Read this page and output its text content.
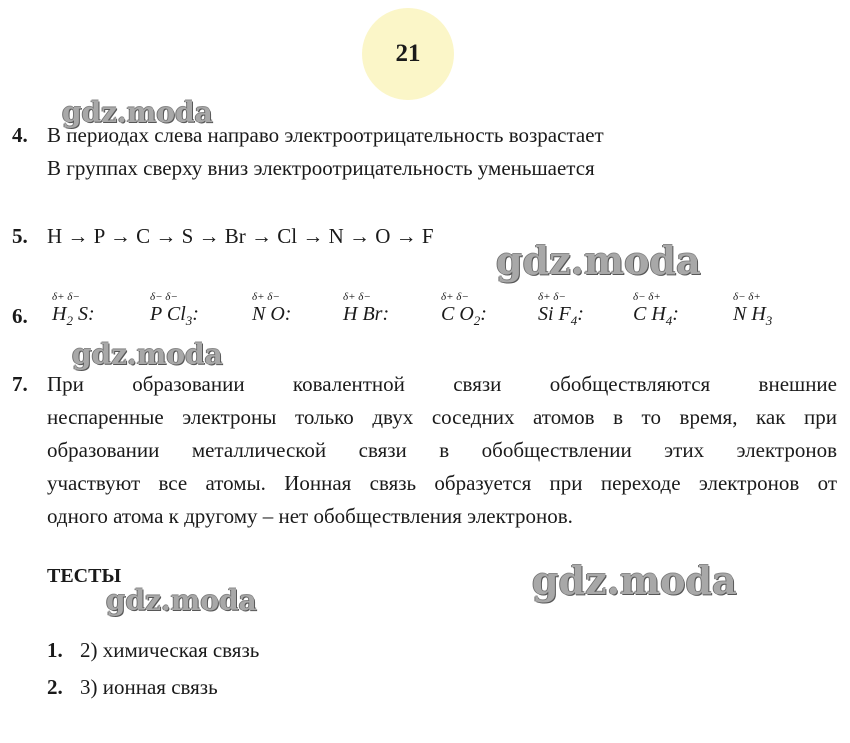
21
4. В периодах слева направо электроотрицательность возрастает
В группах сверху вниз электроотрицательность уменьшается
5. H → P → C → S → Br → Cl → N → O → F
6.
δ+ δ−
$H_2$ S:
δ− δ−
P $Cl_3$:
δ+ δ−
N O:
δ+ δ−
H Br:
δ+ δ−
C $O_2$:
δ+ δ−
Si $F_4$:
δ− δ+
C $H_4$:
δ− δ+
N $H_3$
7. При образовании ковалентной связи обобществляются внешние
неспаренные электроны только двух соседних атомов в то время, как при
образовании металлической связи в обобществлении этих электронов
участвуют все атомы. Ионная связь образуется при переходе электронов от
одного атома к другому – нет обобществления электронов.
ТЕСТЫ
1. 2) химическая связь
2. 3) ионная связь
gdz.moda
gdz.moda
gdz.moda
gdz.moda
gdz.moda
